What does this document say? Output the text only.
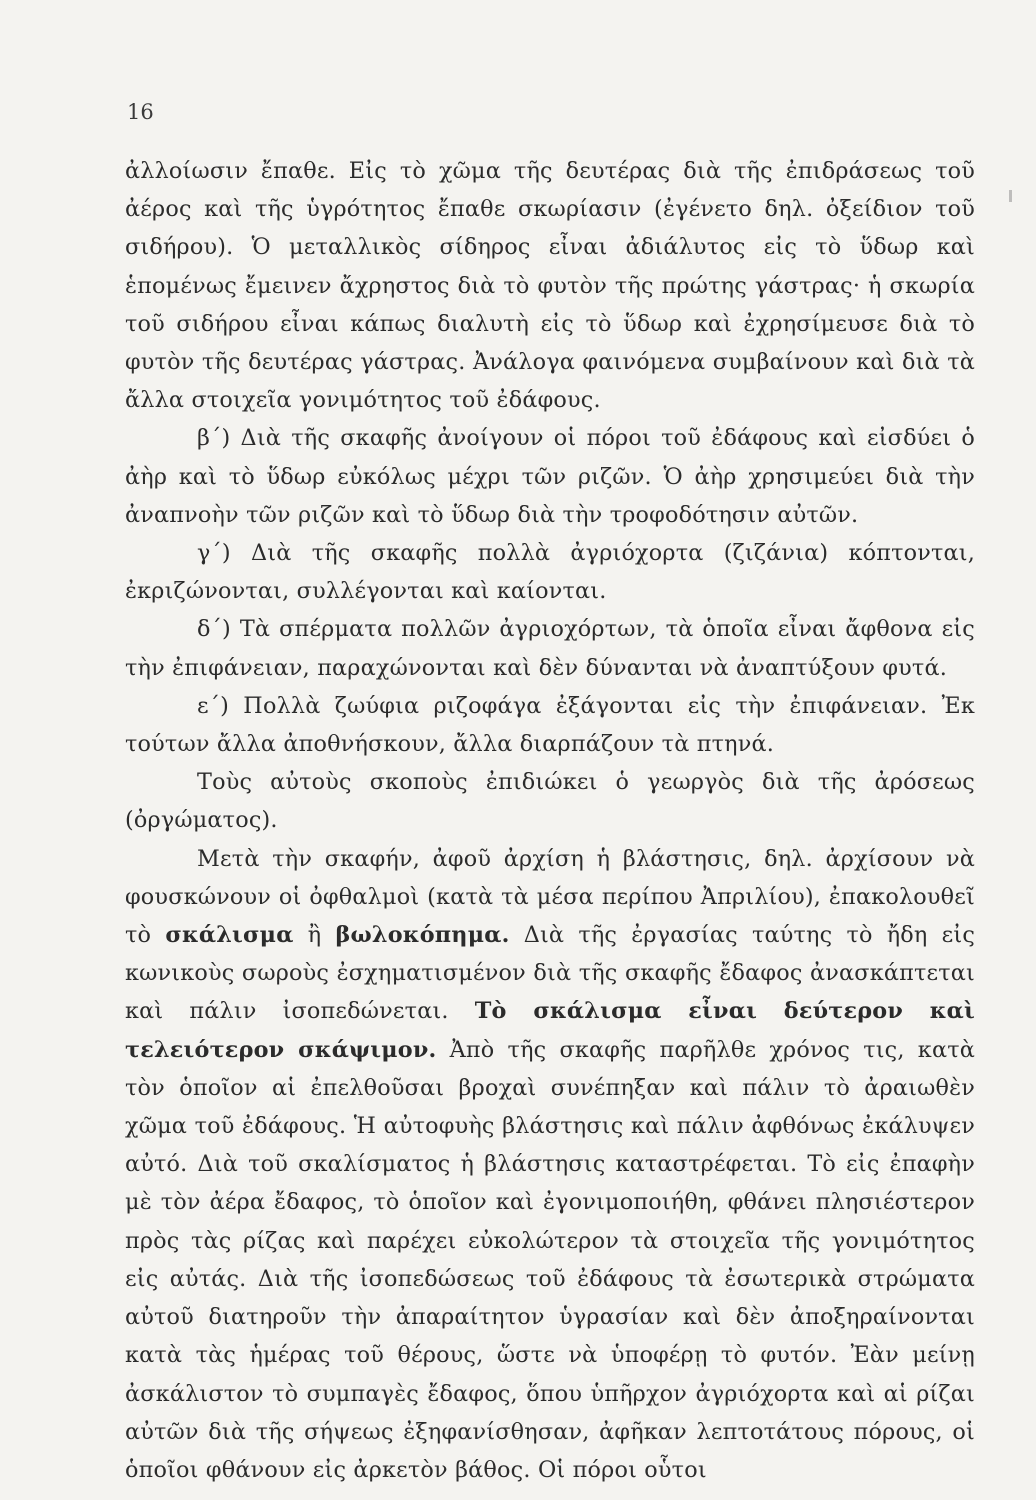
16

ἀλλοίωσιν ἔπαθε. Εἰς τὸ χῶμα τῆς δευτέρας διὰ τῆς ἐπιδράσεως τοῦ ἀέρος καὶ τῆς ὑγρότητος ἔπαθε σκωρίασιν (ἐγένετο δηλ. ὀξείδιον τοῦ σιδήρου). Ὁ μεταλλικὸς σίδηρος εἶναι ἀδιάλυτος εἰς τὸ ὕδωρ καὶ ἑπομένως ἔμεινεν ἄχρηστος διὰ τὸ φυτὸν τῆς πρώτης γάστρας· ἡ σκωρία τοῦ σιδήρου εἶναι κάπως διαλυτὴ εἰς τὸ ὕδωρ καὶ ἐχρησίμευσε διὰ τὸ φυτὸν τῆς δευτέρας γάστρας. Ἀνάλογα φαινόμενα συμβαίνουν καὶ διὰ τὰ ἄλλα στοιχεῖα γονιμότητος τοῦ ἐδάφους.

β΄) Διὰ τῆς σκαφῆς ἀνοίγουν οἱ πόροι τοῦ ἐδάφους καὶ εἰσδύει ὁ ἀὴρ καὶ τὸ ὕδωρ εὐκόλως μέχρι τῶν ριζῶν. Ὁ ἀὴρ χρησιμεύει διὰ τὴν ἀναπνοὴν τῶν ριζῶν καὶ τὸ ὕδωρ διὰ τὴν τροφοδότησιν αὐτῶν.

γ΄) Διὰ τῆς σκαφῆς πολλὰ ἀγριόχορτα (ζιζάνια) κόπτονται, ἐκριζώνονται, συλλέγονται καὶ καίονται.

δ΄) Τὰ σπέρματα πολλῶν ἀγριοχόρτων, τὰ ὁποῖα εἶναι ἄφθονα εἰς τὴν ἐπιφάνειαν, παραχώνονται καὶ δὲν δύνανται νὰ ἀναπτύξουν φυτά.

ε΄) Πολλὰ ζωύφια ριζοφάγα ἐξάγονται εἰς τὴν ἐπιφάνειαν. Ἐκ τούτων ἄλλα ἀποθνήσκουν, ἄλλα διαρπάζουν τὰ πτηνά.

Τοὺς αὐτοὺς σκοποὺς ἐπιδιώκει ὁ γεωργὸς διὰ τῆς ἀρόσεως (ὀργώματος).

Μετὰ τὴν σκαφήν, ἀφοῦ ἀρχίση ἡ βλάστησις, δηλ. ἀρχίσουν νὰ φουσκώνουν οἱ ὀφθαλμοὶ (κατὰ τὰ μέσα περίπου Ἀπριλίου), ἐπακολουθεῖ τὸ σκάλισμα ἢ βωλοκόπημα. Διὰ τῆς ἐργασίας ταύτης τὸ ἤδη εἰς κωνικοὺς σωροὺς ἐσχηματισμένον διὰ τῆς σκαφῆς ἔδαφος ἀνασκάπτεται καὶ πάλιν ἰσοπεδώνεται. Τὸ σκάλισμα εἶναι δεύτερον καὶ τελειότερον σκάψιμον. Ἀπὸ τῆς σκαφῆς παρῆλθε χρόνος τις, κατὰ τὸν ὁποῖον αἱ ἐπελθοῦσαι βροχαὶ συνέπηξαν καὶ πάλιν τὸ ἀραιωθὲν χῶμα τοῦ ἐδάφους. Ἡ αὐτοφυὴς βλάστησις καὶ πάλιν ἀφθόνως ἐκάλυψεν αὐτό. Διὰ τοῦ σκαλίσματος ἡ βλάστησις καταστρέφεται. Τὸ εἰς ἐπαφὴν μὲ τὸν ἀέρα ἔδαφος, τὸ ὁποῖον καὶ ἐγονιμοποιήθη, φθάνει πλησιέστερον πρὸς τὰς ρίζας καὶ παρέχει εὐκολώτερον τὰ στοιχεῖα τῆς γονιμότητος εἰς αὐτάς. Διὰ τῆς ἰσοπεδώσεως τοῦ ἐδάφους τὰ ἐσωτερικὰ στρώματα αὐτοῦ διατηροῦν τὴν ἀπαραίτητον ὑγρασίαν καὶ δὲν ἀποξηραίνονται κατὰ τὰς ἡμέρας τοῦ θέρους, ὥστε νὰ ὑποφέρῃ τὸ φυτόν. Ἐὰν μείνῃ ἀσκάλιστον τὸ συμπαγὲς ἔδαφος, ὅπου ὑπῆρχον ἀγριόχορτα καὶ αἱ ρίζαι αὐτῶν διὰ τῆς σήψεως ἐξηφανίσθησαν, ἀφῆκαν λεπτοτάτους πόρους, οἱ ὁποῖοι φθάνουν εἰς ἀρκετὸν βάθος. Οἱ πόροι οὗτοι
